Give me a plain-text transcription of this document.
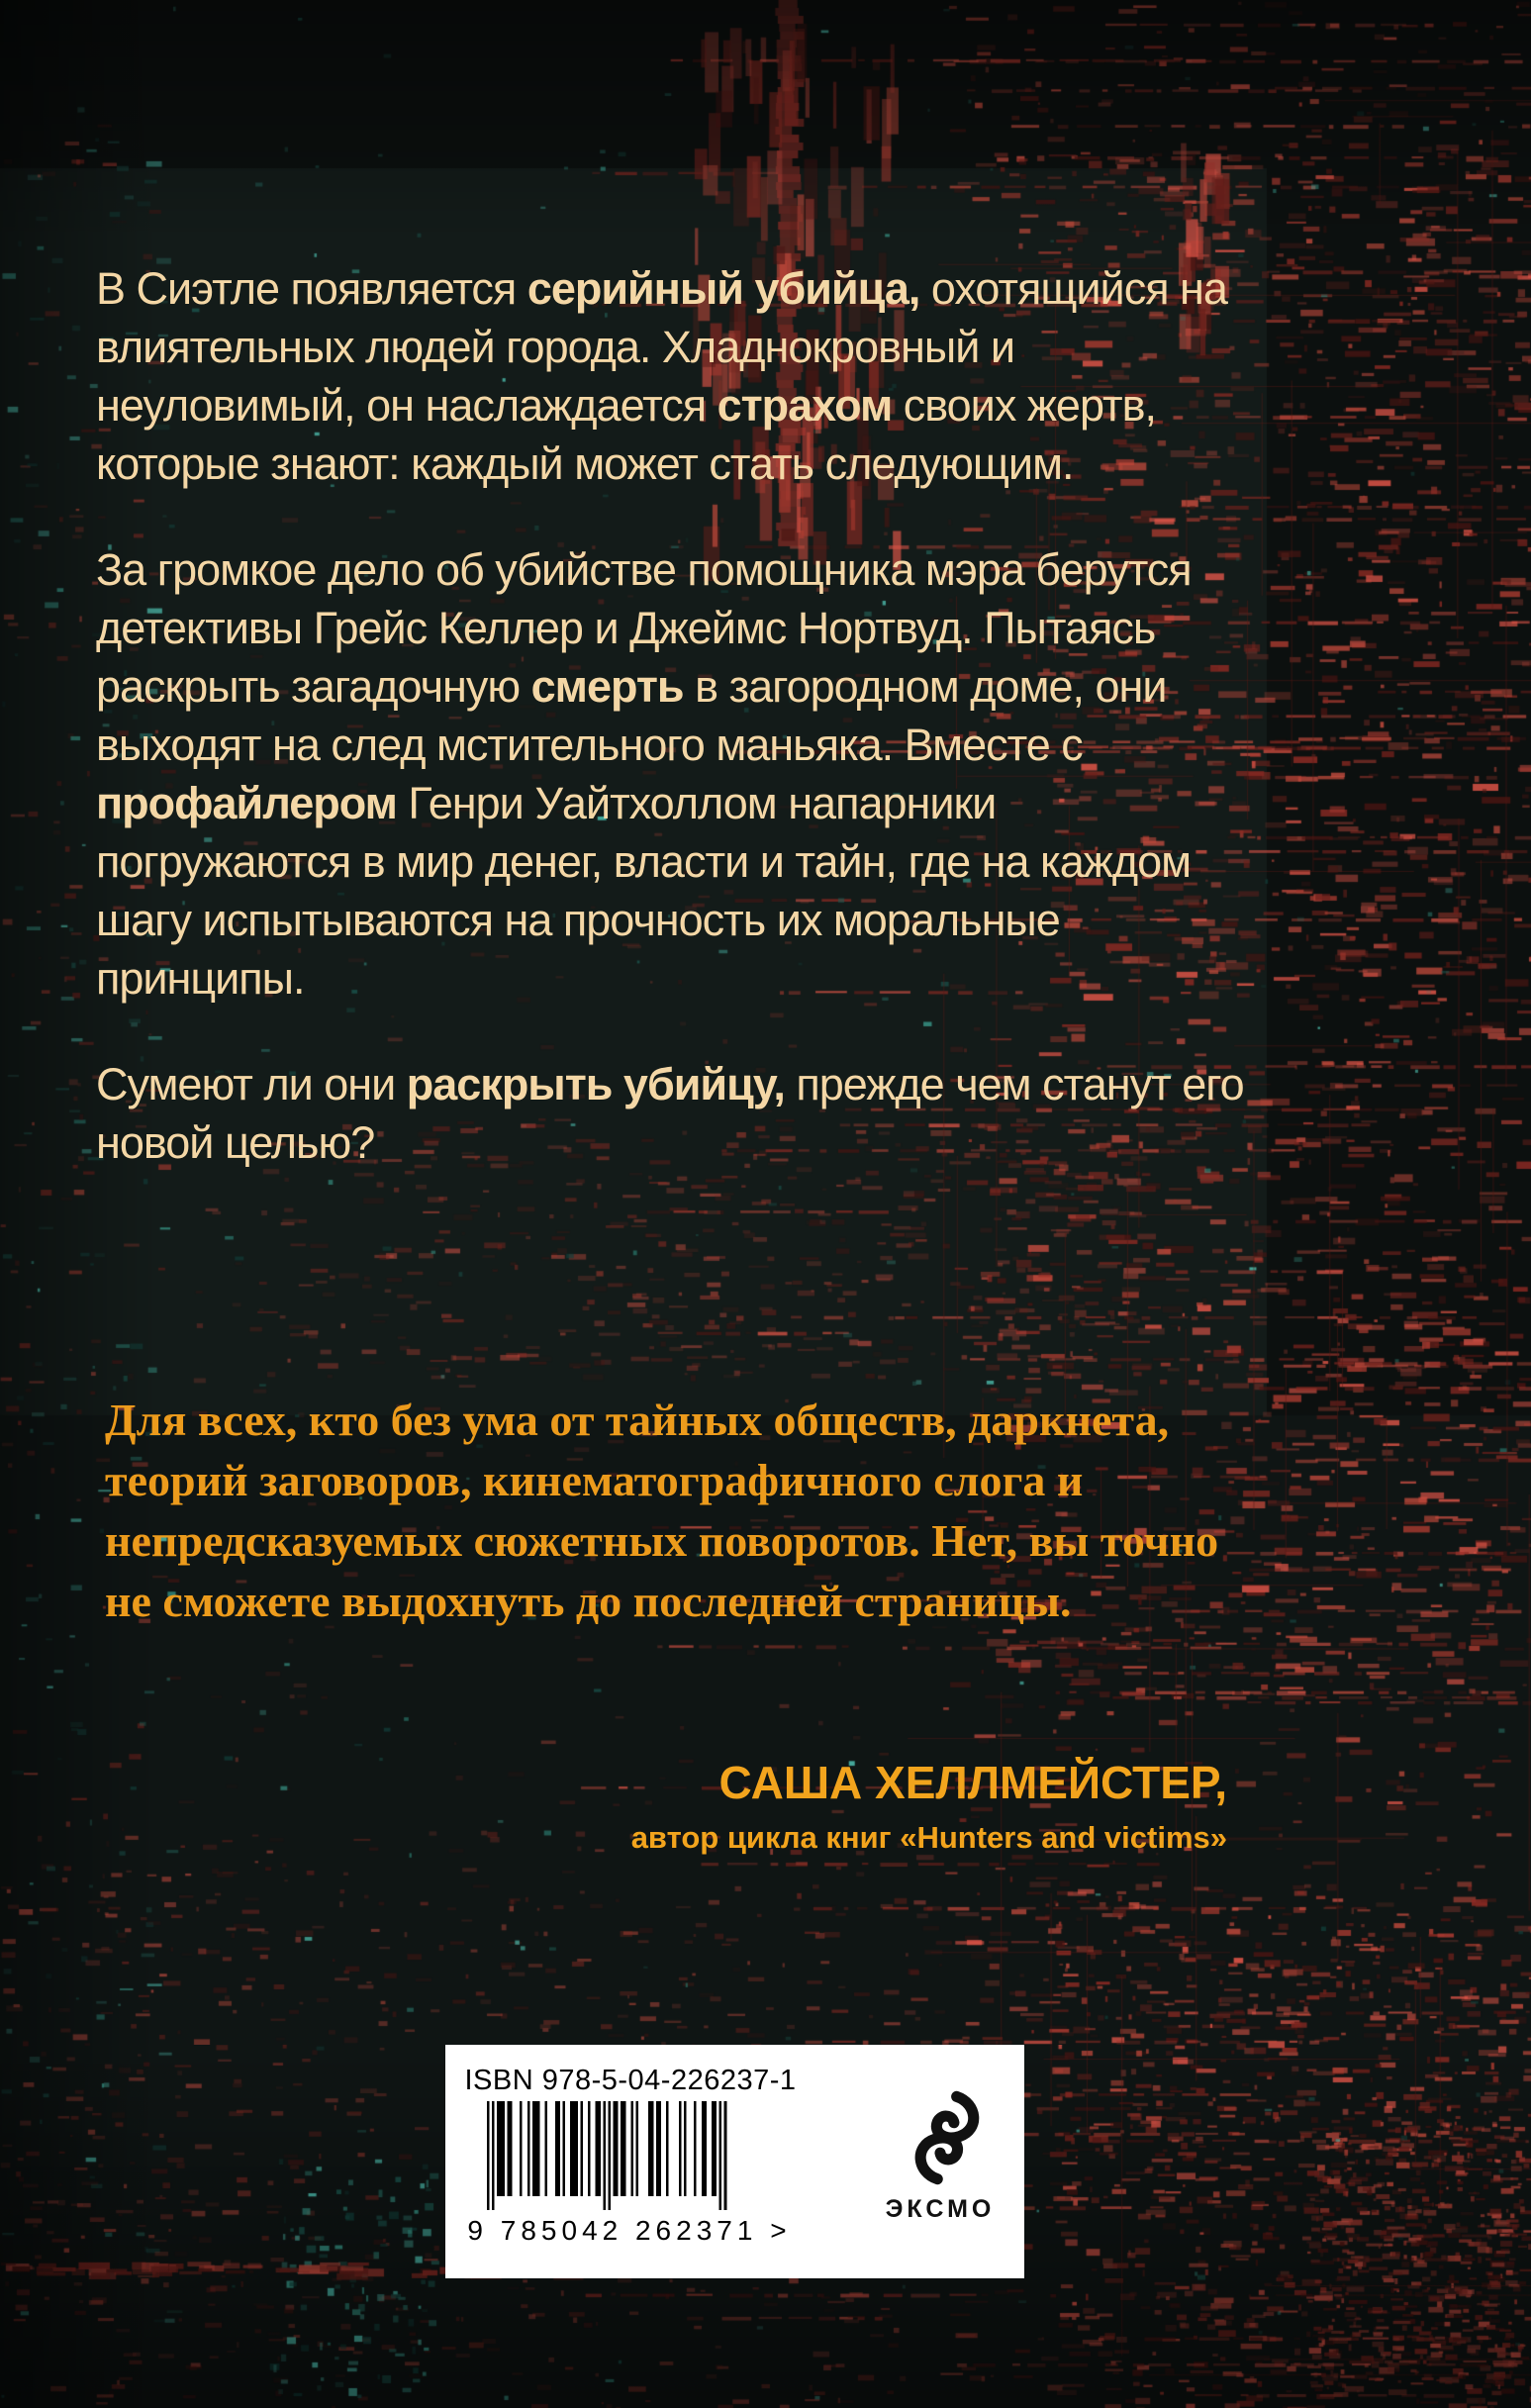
В Сиэтле появляется серийный убийца, охотящийся на влиятельных людей города. Хладнокровный и неуловимый, он наслаждается страхом своих жертв, которые знают: каждый может стать следующим.

За громкое дело об убийстве помощника мэра берутся детективы Грейс Келлер и Джеймс Нортвуд. Пытаясь раскрыть загадочную смерть в загородном доме, они выходят на след мстительного маньяка. Вместе с профайлером Генри Уайтхоллом напарники погружаются в мир денег, власти и тайн, где на каждом шагу испытываются на прочность их моральные принципы.

Сумеют ли они раскрыть убийцу, прежде чем станут его новой целью?

Для всех, кто без ума от тайных обществ, даркнета, теорий заговоров, кинематографичного слога и непредсказуемых сюжетных поворотов. Нет, вы точно не сможете выдохнуть до последней страницы.
САША ХЕЛЛМЕЙСТЕР,
автор цикла книг «Hunters and victims»
ISBN 978-5-04-226237-1
9 785042 262371 >
ЭКСМО
